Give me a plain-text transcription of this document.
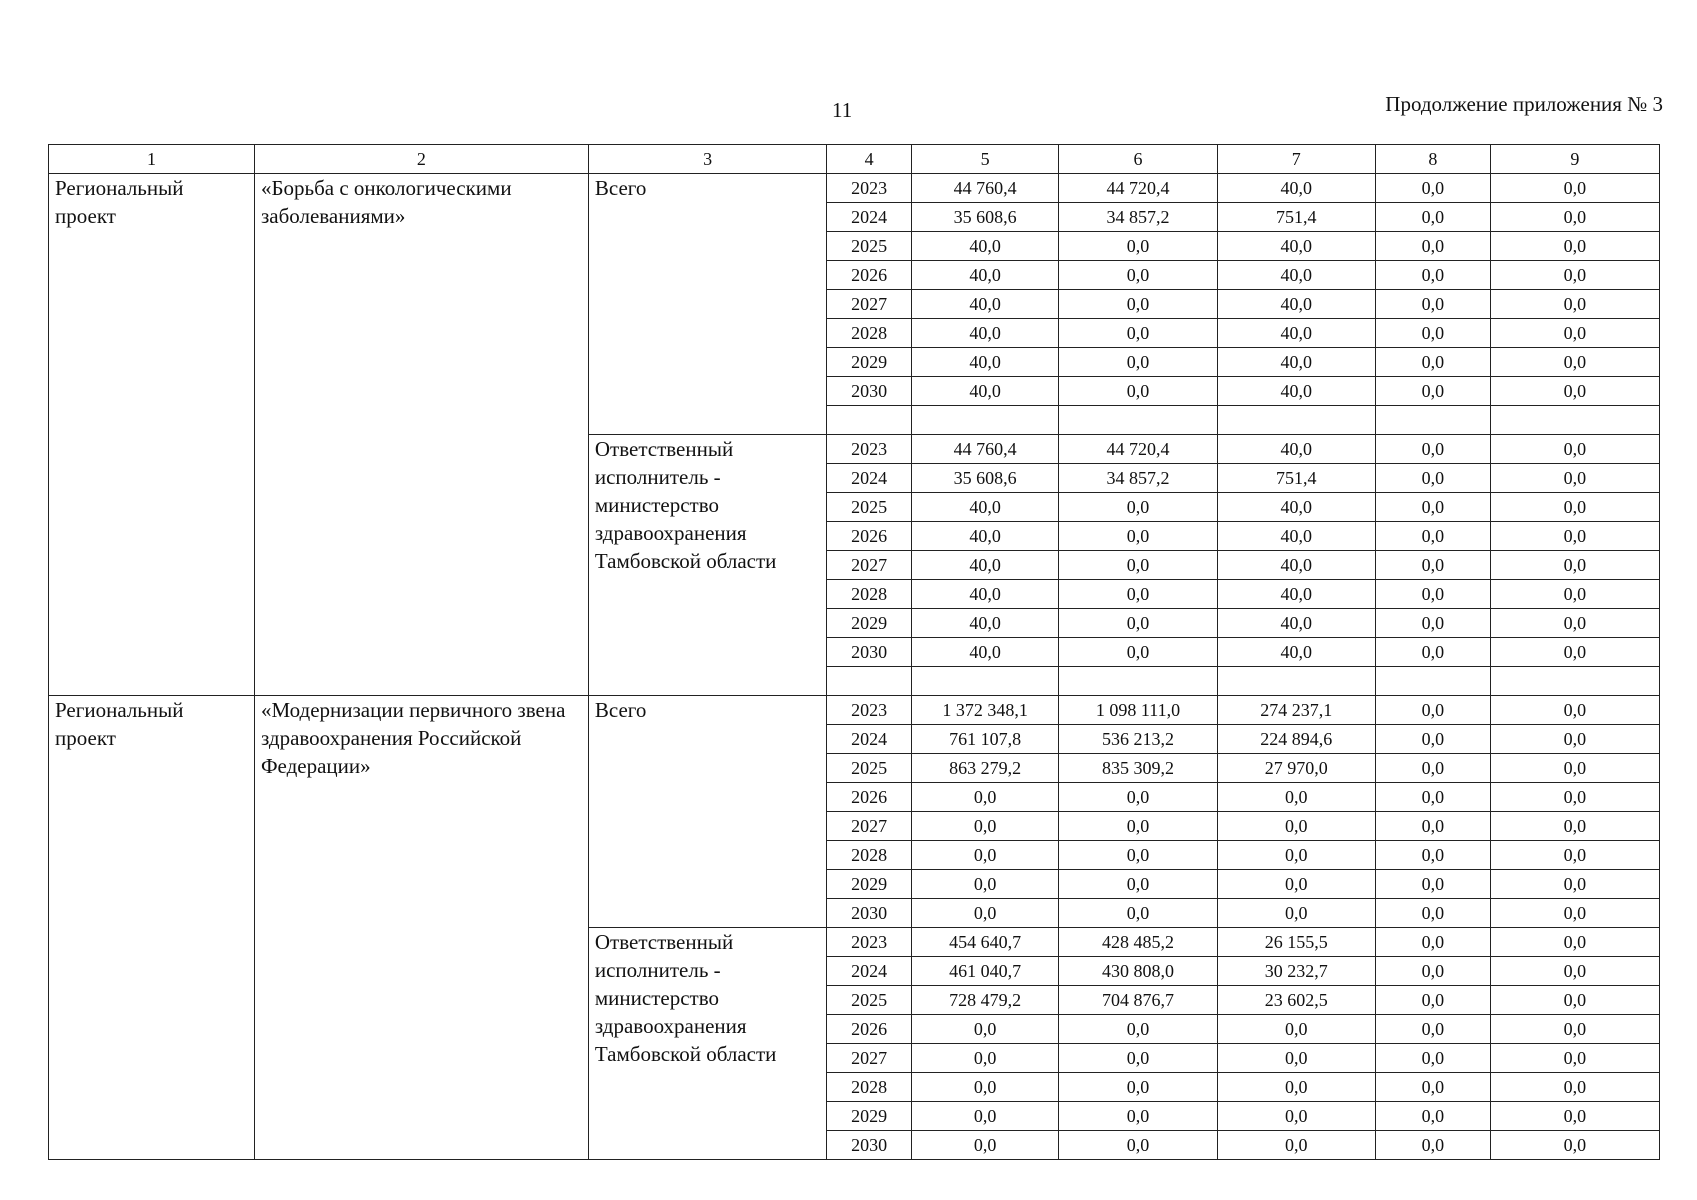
11	Продолжение приложения № 3
1	2	3	4	5	6	7	8	9
Региональный проект	«Борьба с онкологическими заболеваниями»	Всего	2023	44 760,4	44 720,4	40,0	0,0	0,0
			2024	35 608,6	34 857,2	751,4	0,0	0,0
			2025	40,0	0,0	40,0	0,0	0,0
			2026	40,0	0,0	40,0	0,0	0,0
			2027	40,0	0,0	40,0	0,0	0,0
			2028	40,0	0,0	40,0	0,0	0,0
			2029	40,0	0,0	40,0	0,0	0,0
			2030	40,0	0,0	40,0	0,0	0,0

		Ответственный исполнитель - министерство здравоохранения Тамбовской области	2023	44 760,4	44 720,4	40,0	0,0	0,0
			2024	35 608,6	34 857,2	751,4	0,0	0,0
			2025	40,0	0,0	40,0	0,0	0,0
			2026	40,0	0,0	40,0	0,0	0,0
			2027	40,0	0,0	40,0	0,0	0,0
			2028	40,0	0,0	40,0	0,0	0,0
			2029	40,0	0,0	40,0	0,0	0,0
			2030	40,0	0,0	40,0	0,0	0,0

Региональный проект	«Модернизации первичного звена здравоохранения Российской Федерации»	Всего	2023	1 372 348,1	1 098 111,0	274 237,1	0,0	0,0
			2024	761 107,8	536 213,2	224 894,6	0,0	0,0
			2025	863 279,2	835 309,2	27 970,0	0,0	0,0
			2026	0,0	0,0	0,0	0,0	0,0
			2027	0,0	0,0	0,0	0,0	0,0
			2028	0,0	0,0	0,0	0,0	0,0
			2029	0,0	0,0	0,0	0,0	0,0
			2030	0,0	0,0	0,0	0,0	0,0
		Ответственный исполнитель - министерство здравоохранения Тамбовской области	2023	454 640,7	428 485,2	26 155,5	0,0	0,0
			2024	461 040,7	430 808,0	30 232,7	0,0	0,0
			2025	728 479,2	704 876,7	23 602,5	0,0	0,0
			2026	0,0	0,0	0,0	0,0	0,0
			2027	0,0	0,0	0,0	0,0	0,0
			2028	0,0	0,0	0,0	0,0	0,0
			2029	0,0	0,0	0,0	0,0	0,0
			2030	0,0	0,0	0,0	0,0	0,0
